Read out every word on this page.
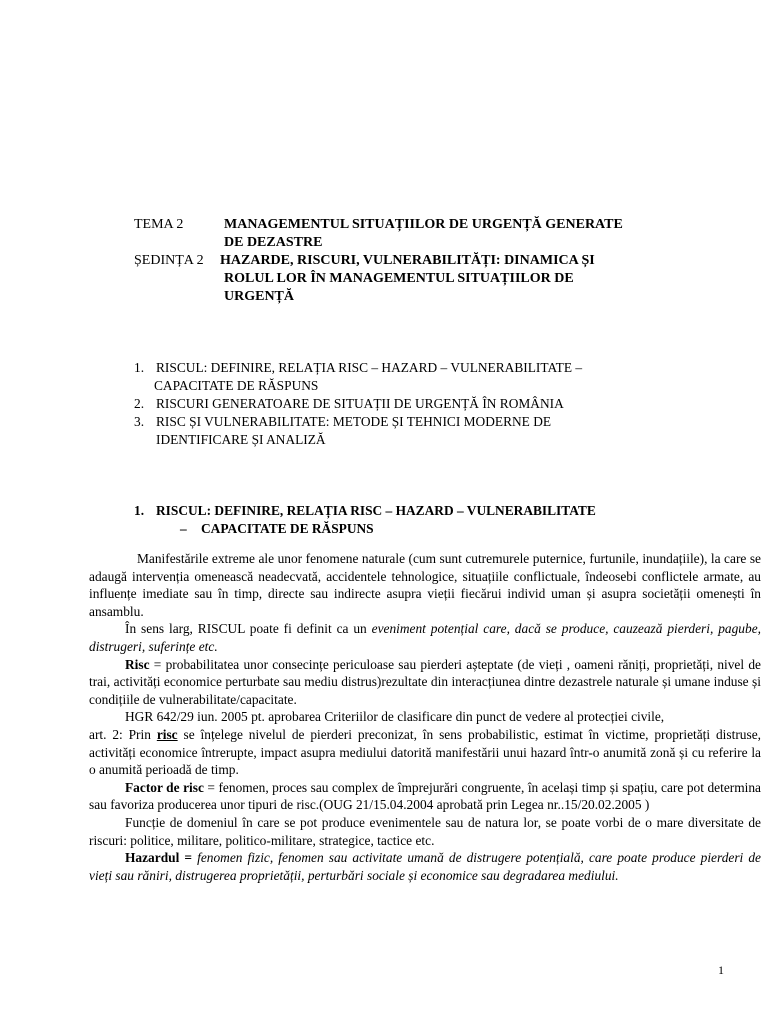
TEMA 2	MANAGEMENTUL SITUAȚIILOR DE URGENȚĂ GENERATE
DE DEZASTRE
ȘEDINȚA 2 HAZARDE, RISCURI, VULNERABILITĂȚI: DINAMICA ȘI
ROLUL LOR ÎN MANAGEMENTUL SITUAȚIILOR DE
URGENȚĂ
1. RISCUL: DEFINIRE, RELAȚIA RISC – HAZARD – VULNERABILITATE –
CAPACITATE DE RĂSPUNS
2. RISCURI GENERATOARE DE SITUAȚII DE URGENȚĂ ÎN ROMÂNIA
3. RISC ȘI VULNERABILITATE: METODE ȘI TEHNICI MODERNE DE
IDENTIFICARE ȘI ANALIZĂ
1. RISCUL: DEFINIRE, RELAȚIA RISC – HAZARD – VULNERABILITATE
– CAPACITATE DE RĂSPUNS

Manifestările extreme ale unor fenomene naturale (cum sunt cutremurele puternice, furtunile, inundațiile), la care se adaugă intervenția omenească neadecvată, accidentele tehnologice, situațiile conflictuale, îndeosebi conflictele armate, au influențe imediate sau în timp, directe sau indirecte asupra vieții fiecărui individ uman și asupra societății omenești în ansamblu.

În sens larg, RISCUL poate fi definit ca un eveniment potențial care, dacă se produce, cauzează pierderi, pagube, distrugeri, suferințe etc.

Risc = probabilitatea unor consecințe periculoase sau pierderi așteptate (de vieți , oameni răniți, proprietăți, nivel de trai, activități economice perturbate sau mediu distrus)rezultate din interacțiunea dintre dezastrele naturale și umane induse și condițiile de vulnerabilitate/capacitate.

HGR 642/29 iun. 2005 pt. aprobarea Criteriilor de clasificare din punct de vedere al protecției civile,

art. 2: Prin risc se înțelege nivelul de pierderi preconizat, în sens probabilistic, estimat în victime, proprietăți distruse, activități economice întrerupte, impact asupra mediului datorită manifestării unui hazard într-o anumită zonă și cu referire la o anumită perioadă de timp.

Factor de risc = fenomen, proces sau complex de împrejurări congruente, în același timp și spațiu, care pot determina sau favoriza producerea unor tipuri de risc.(OUG 21/15.04.2004 aprobată prin Legea nr..15/20.02.2005 )

Funcție de domeniul în care se pot produce evenimentele sau de natura lor, se poate vorbi de o mare diversitate de riscuri: politice, militare, politico-militare, strategice, tactice etc.

Hazardul = fenomen fizic, fenomen sau activitate umană de distrugere potențială, care poate produce pierderi de vieți sau răniri, distrugerea proprietății, perturbări sociale și economice sau degradarea mediului.

1
